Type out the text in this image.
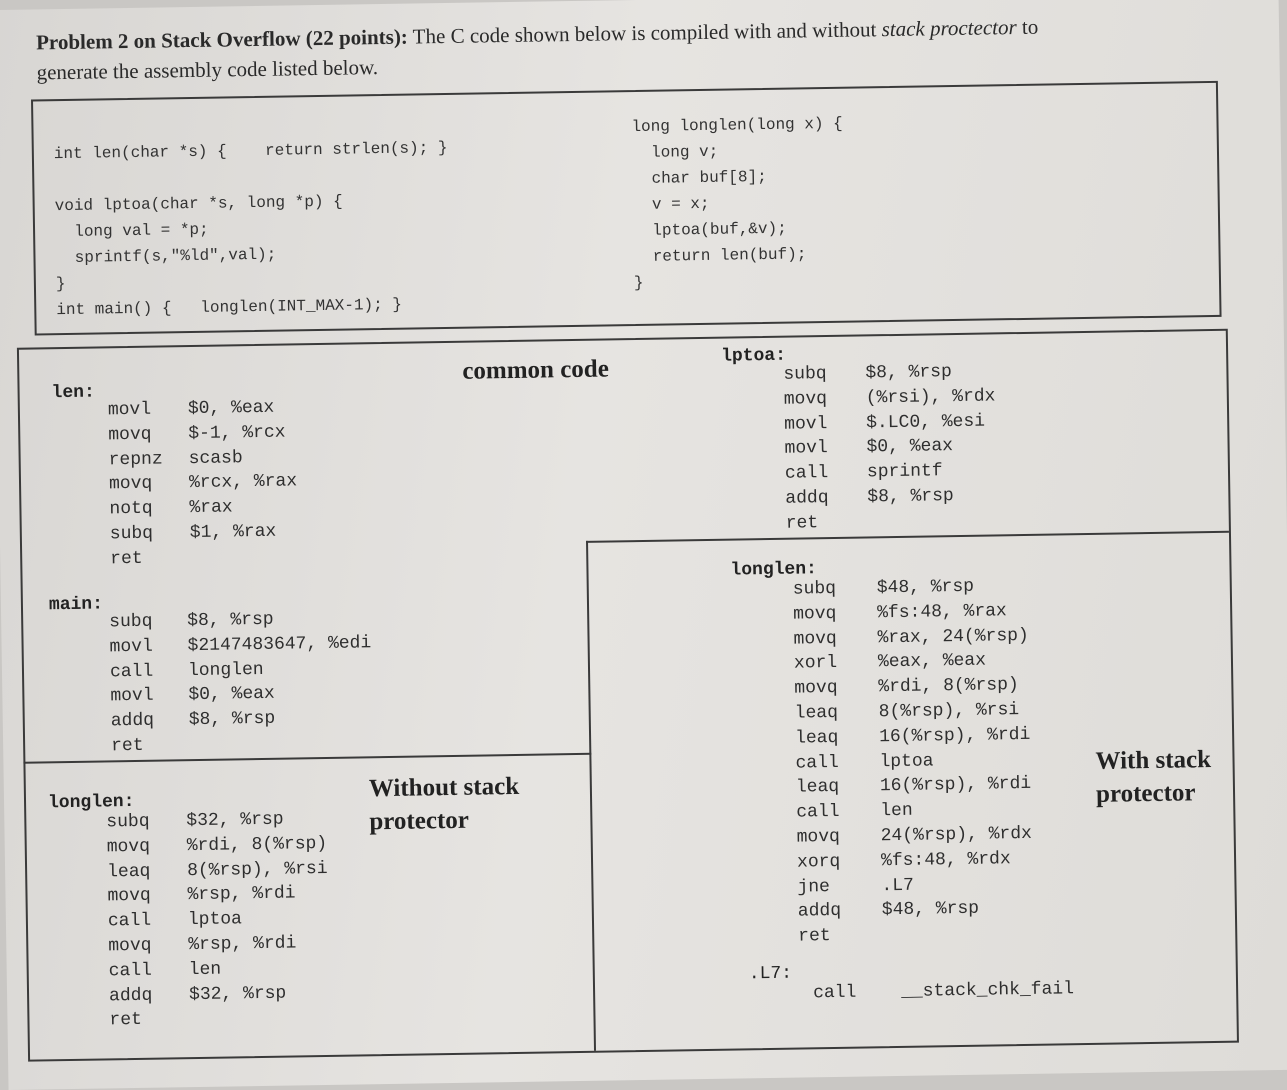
Problem 2 on Stack Overflow (22 points): The C code shown below is compiled with and without stack proctector to
generate the assembly code listed below.
int len(char *s) {    return strlen(s); }

void lptoa(char *s, long *p) {
long val = *p;
sprintf(s,"%ld",val);
}
int main() {   longlen(INT_MAX-1); }
long longlen(long x) {
long v;
char buf[8];
v = x;
lptoa(buf,&v);
return len(buf);
}
common code
Without stack
protector
With stack
protector
len:
movl $0, %eax
movq $-1, %rcx
repnz scasb
movq %rcx, %rax
notq %rax
subq $1, %rax
ret
main:
subq $8, %rsp
movl $2147483647, %edi
call longlen
movl $0, %eax
addq $8, %rsp
ret
longlen:
subq $32, %rsp
movq %rdi, 8(%rsp)
leaq 8(%rsp), %rsi
movq %rsp, %rdi
call lptoa
movq %rsp, %rdi
call len
addq $32, %rsp
ret
lptoa:
subq $8, %rsp
movq (%rsi), %rdx
movl $.LC0, %esi
movl $0, %eax
call sprintf
addq $8, %rsp
ret
longlen:
subq $48, %rsp
movq %fs:48, %rax
movq %rax, 24(%rsp)
xorl %eax, %eax
movq %rdi, 8(%rsp)
leaq 8(%rsp), %rsi
leaq 16(%rsp), %rdi
call lptoa
leaq 16(%rsp), %rdi
call len
movq 24(%rsp), %rdx
xorq %fs:48, %rdx
jne	.L7
addq $48, %rsp
ret
.L7:
call __stack_chk_fail
